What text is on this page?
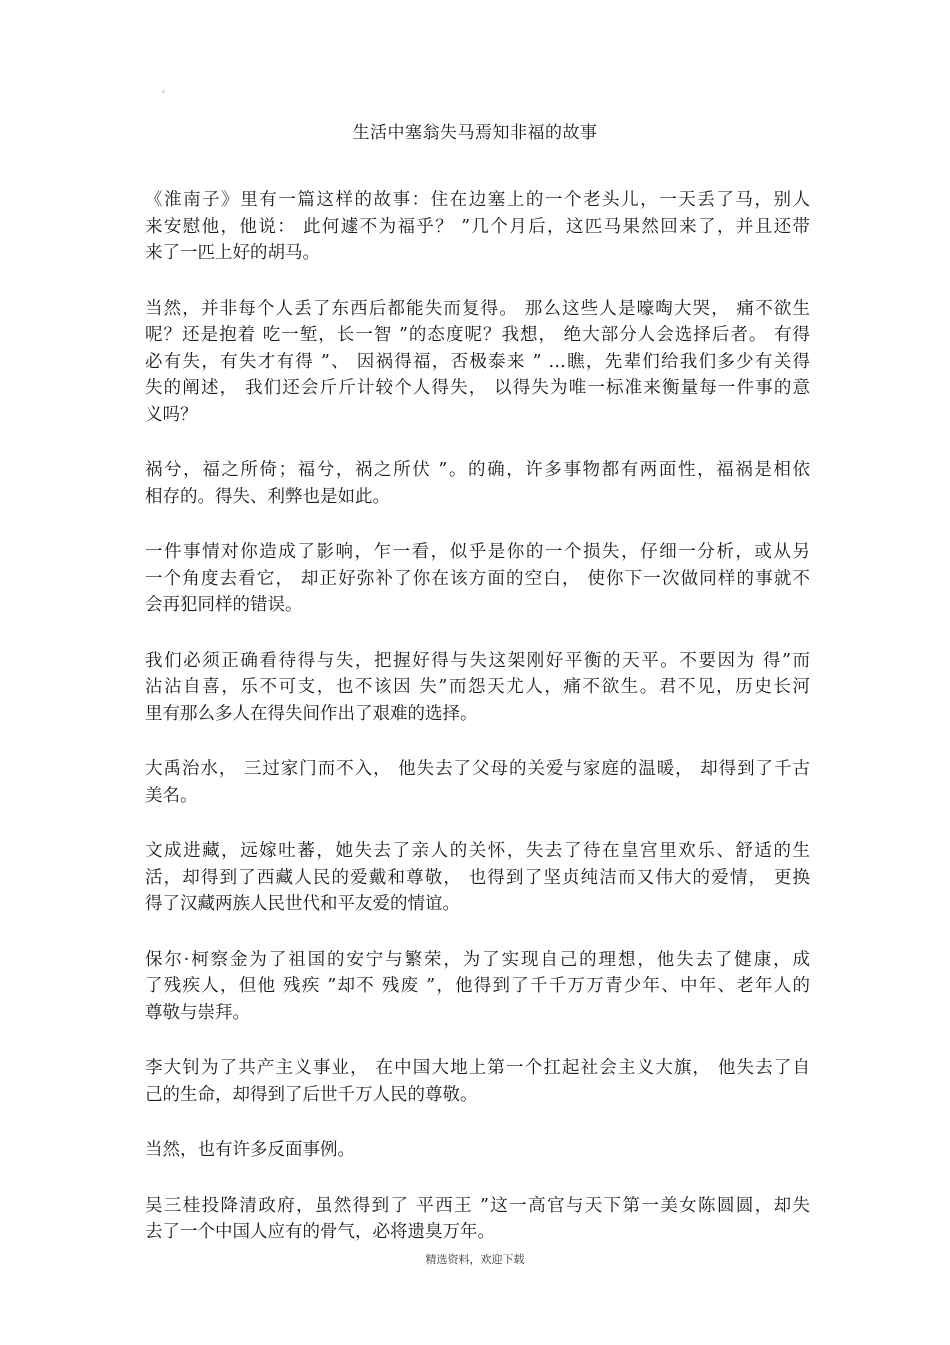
。
生活中塞翁失马焉知非福的故事
《淮南子》里有一篇这样的故事：住在边塞上的一个老头儿，一天丢了马，别人
来安慰他，他说： 此何遽不为福乎？ ”几个月后，这匹马果然回来了，并且还带
来了一匹上好的胡马。
当然，并非每个人丢了东西后都能失而复得。 那么这些人是嚎啕大哭， 痛不欲生
呢？还是抱着 吃一堑，长一智 ”的态度呢？我想， 绝大部分人会选择后者。 有得
必有失，有失才有得 ”、 因祸得福，否极泰来 ” …瞧，先辈们给我们多少有关得
失的阐述， 我们还会斤斤计较个人得失， 以得失为唯一标准来衡量每一件事的意
义吗？
祸兮，福之所倚；福兮，祸之所伏 ”。的确，许多事物都有两面性，福祸是相依
相存的。得失、利弊也是如此。
一件事情对你造成了影响，乍一看，似乎是你的一个损失，仔细一分析，或从另
一个角度去看它， 却正好弥补了你在该方面的空白， 使你下一次做同样的事就不
会再犯同样的错误。
我们必须正确看待得与失，把握好得与失这架刚好平衡的天平。不要因为 得”而
沾沾自喜，乐不可支，也不该因 失”而怨天尤人，痛不欲生。君不见，历史长河
里有那么多人在得失间作出了艰难的选择。
大禹治水， 三过家门而不入， 他失去了父母的关爱与家庭的温暖， 却得到了千古
美名。
文成进藏，远嫁吐蕃，她失去了亲人的关怀，失去了待在皇宫里欢乐、舒适的生
活，却得到了西藏人民的爱戴和尊敬， 也得到了坚贞纯洁而又伟大的爱情， 更换
得了汉藏两族人民世代和平友爱的情谊。
保尔·柯察金为了祖国的安宁与繁荣，为了实现自己的理想，他失去了健康，成
了残疾人，但他 残疾 ”却不 残废 ”，他得到了千千万万青少年、中年、老年人的
尊敬与崇拜。
李大钊为了共产主义事业， 在中国大地上第一个扛起社会主义大旗， 他失去了自
己的生命，却得到了后世千万人民的尊敬。
当然，也有许多反面事例。
吴三桂投降清政府，虽然得到了 平西王 ”这一高官与天下第一美女陈圆圆，却失
去了一个中国人应有的骨气，必将遗臭万年。
精选资料，欢迎下载
